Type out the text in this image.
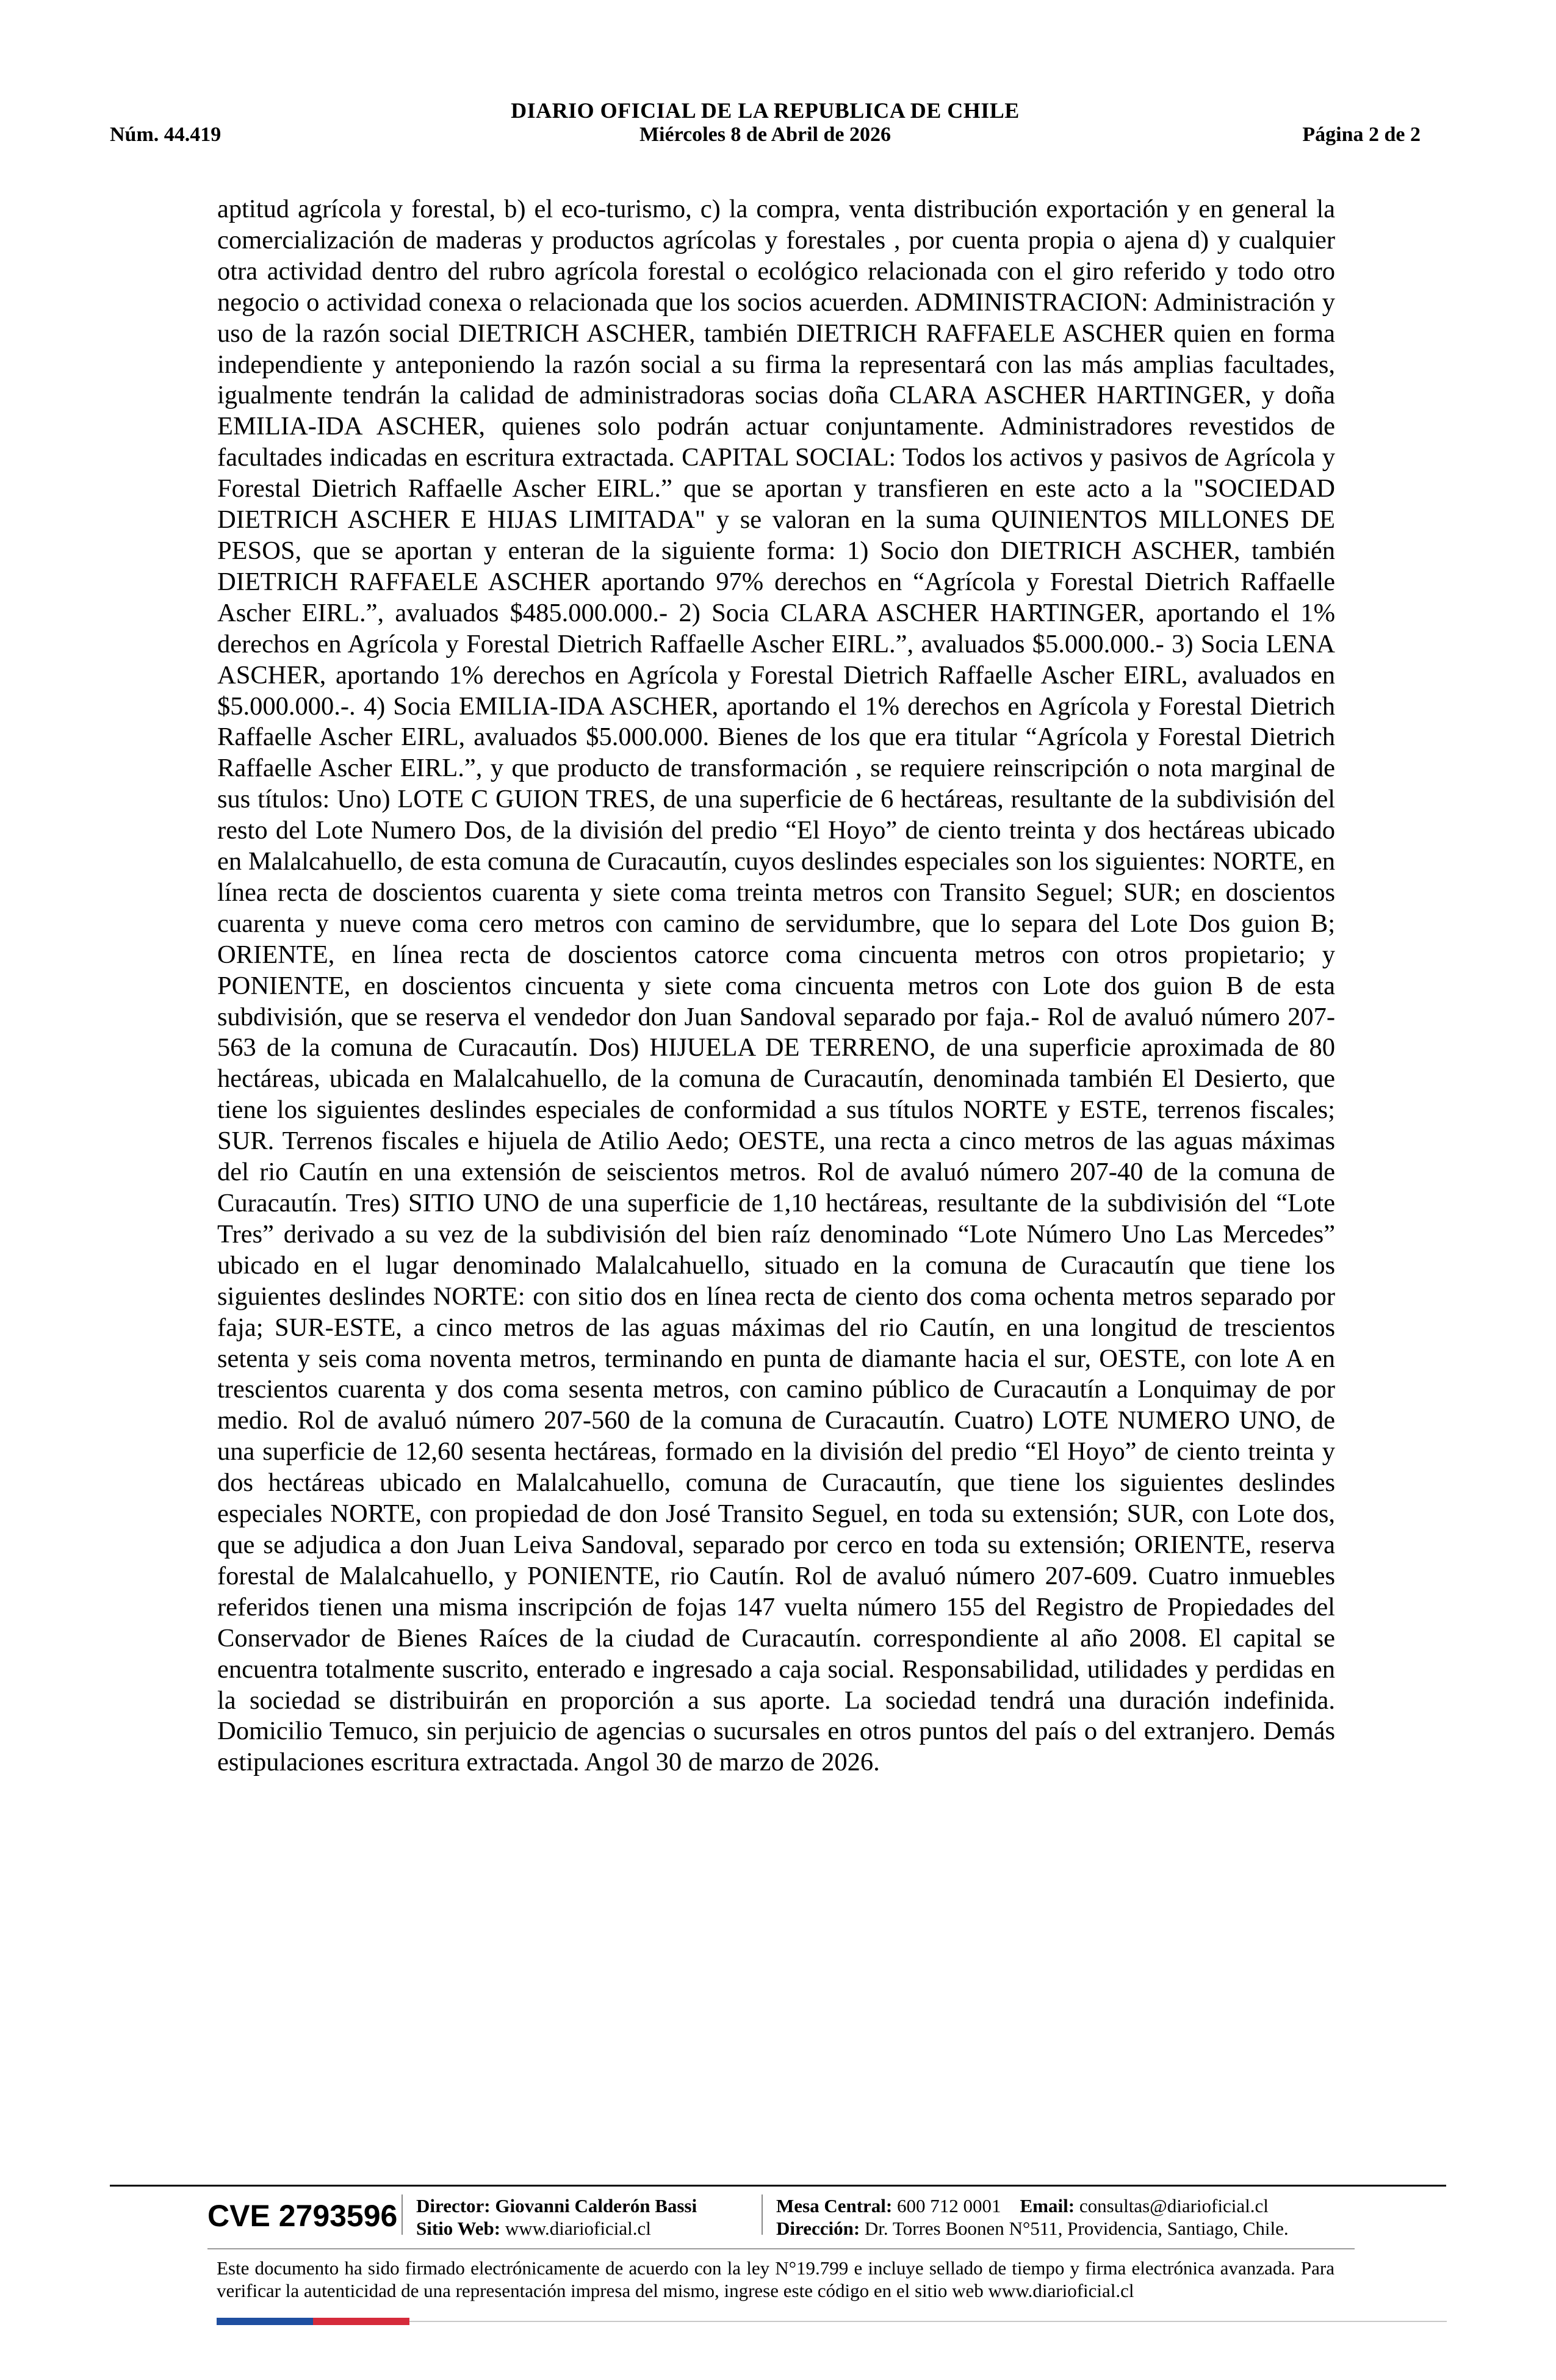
DIARIO OFICIAL DE LA REPUBLICA DE CHILE
Núm. 44.419	Miércoles 8 de Abril de 2026	Página 2 de 2
aptitud agrícola y forestal, b) el eco-turismo, c) la compra, venta distribución exportación y en general la comercialización de maderas y productos agrícolas y forestales , por cuenta propia o ajena d) y cualquier otra actividad dentro del rubro agrícola forestal o ecológico relacionada con el giro referido y todo otro negocio o actividad conexa o relacionada que los socios acuerden. ADMINISTRACION: Administración y uso de la razón social DIETRICH ASCHER, también DIETRICH RAFFAELE ASCHER quien en forma independiente y anteponiendo la razón social a su firma la representará con las más amplias facultades, igualmente tendrán la calidad de administradoras socias doña CLARA ASCHER HARTINGER, y doña EMILIA-IDA ASCHER, quienes solo podrán actuar conjuntamente. Administradores revestidos de facultades indicadas en escritura extractada. CAPITAL SOCIAL: Todos los activos y pasivos de Agrícola y Forestal Dietrich Raffaelle Ascher EIRL.” que se aportan y transfieren en este acto a la "SOCIEDAD DIETRICH ASCHER E HIJAS LIMITADA" y se valoran en la suma QUINIENTOS MILLONES DE PESOS, que se aportan y enteran de la siguiente forma: 1) Socio don DIETRICH ASCHER, también DIETRICH RAFFAELE ASCHER aportando 97% derechos en “Agrícola y Forestal Dietrich Raffaelle Ascher EIRL.”, avaluados $485.000.000.- 2) Socia CLARA ASCHER HARTINGER, aportando el 1% derechos en Agrícola y Forestal Dietrich Raffaelle Ascher EIRL.”, avaluados $5.000.000.- 3) Socia LENA ASCHER, aportando 1% derechos en Agrícola y Forestal Dietrich Raffaelle Ascher EIRL, avaluados en $5.000.000.-. 4) Socia EMILIA-IDA ASCHER, aportando el 1% derechos en Agrícola y Forestal Dietrich Raffaelle Ascher EIRL, avaluados $5.000.000. Bienes de los que era titular “Agrícola y Forestal Dietrich Raffaelle Ascher EIRL.”, y que producto de transformación , se requiere reinscripción o nota marginal de sus títulos: Uno) LOTE C GUION TRES, de una superficie de 6 hectáreas, resultante de la subdivisión del resto del Lote Numero Dos, de la división del predio “El Hoyo” de ciento treinta y dos hectáreas ubicado en Malalcahuello, de esta comuna de Curacautín, cuyos deslindes especiales son los siguientes: NORTE, en línea recta de doscientos cuarenta y siete coma treinta metros con Transito Seguel; SUR; en doscientos cuarenta y nueve coma cero metros con camino de servidumbre, que lo separa del Lote Dos guion B; ORIENTE, en línea recta de doscientos catorce coma cincuenta metros con otros propietario; y PONIENTE, en doscientos cincuenta y siete coma cincuenta metros con Lote dos guion B de esta subdivisión, que se reserva el vendedor don Juan Sandoval separado por faja.- Rol de avaluó número 207-563 de la comuna de Curacautín. Dos) HIJUELA DE TERRENO, de una superficie aproximada de 80 hectáreas, ubicada en Malalcahuello, de la comuna de Curacautín, denominada también El Desierto, que tiene los siguientes deslindes especiales de conformidad a sus títulos NORTE y ESTE, terrenos fiscales; SUR. Terrenos fiscales e hijuela de Atilio Aedo; OESTE, una recta a cinco metros de las aguas máximas del rio Cautín en una extensión de seiscientos metros. Rol de avaluó número 207-40 de la comuna de Curacautín. Tres) SITIO UNO de una superficie de 1,10 hectáreas, resultante de la subdivisión del “Lote Tres” derivado a su vez de la subdivisión del bien raíz denominado “Lote Número Uno Las Mercedes” ubicado en el lugar denominado Malalcahuello, situado en la comuna de Curacautín que tiene los siguientes deslindes NORTE: con sitio dos en línea recta de ciento dos coma ochenta metros separado por faja; SUR-ESTE, a cinco metros de las aguas máximas del rio Cautín, en una longitud de trescientos setenta y seis coma noventa metros, terminando en punta de diamante hacia el sur, OESTE, con lote A en trescientos cuarenta y dos coma sesenta metros, con camino público de Curacautín a Lonquimay de por medio. Rol de avaluó número 207-560 de la comuna de Curacautín. Cuatro) LOTE NUMERO UNO, de una superficie de 12,60 sesenta hectáreas, formado en la división del predio “El Hoyo” de ciento treinta y dos hectáreas ubicado en Malalcahuello, comuna de Curacautín, que tiene los siguientes deslindes especiales NORTE, con propiedad de don José Transito Seguel, en toda su extensión; SUR, con Lote dos, que se adjudica a don Juan Leiva Sandoval, separado por cerco en toda su extensión; ORIENTE, reserva forestal de Malalcahuello, y PONIENTE, rio Cautín. Rol de avaluó número 207-609. Cuatro inmuebles referidos tienen una misma inscripción de fojas 147 vuelta número 155 del Registro de Propiedades del Conservador de Bienes Raíces de la ciudad de Curacautín. correspondiente al año 2008. El capital se encuentra totalmente suscrito, enterado e ingresado a caja social. Responsabilidad, utilidades y perdidas en la sociedad se distribuirán en proporción a sus aporte. La sociedad tendrá una duración indefinida. Domicilio Temuco, sin perjuicio de agencias o sucursales en otros puntos del país o del extranjero. Demás estipulaciones escritura extractada. Angol 30 de marzo de 2026.
CVE 2793596 Director: Giovanni Calderón Bassi
Sitio Web: www.diarioficial.cl
Mesa Central: 600 712 0001 Email: consultas@diarioficial.cl
Dirección: Dr. Torres Boonen N°511, Providencia, Santiago, Chile.
Este documento ha sido firmado electrónicamente de acuerdo con la ley N°19.799 e incluye sellado de tiempo y firma electrónica avanzada. Para verificar la autenticidad de una representación impresa del mismo, ingrese este código en el sitio web www.diarioficial.cl
